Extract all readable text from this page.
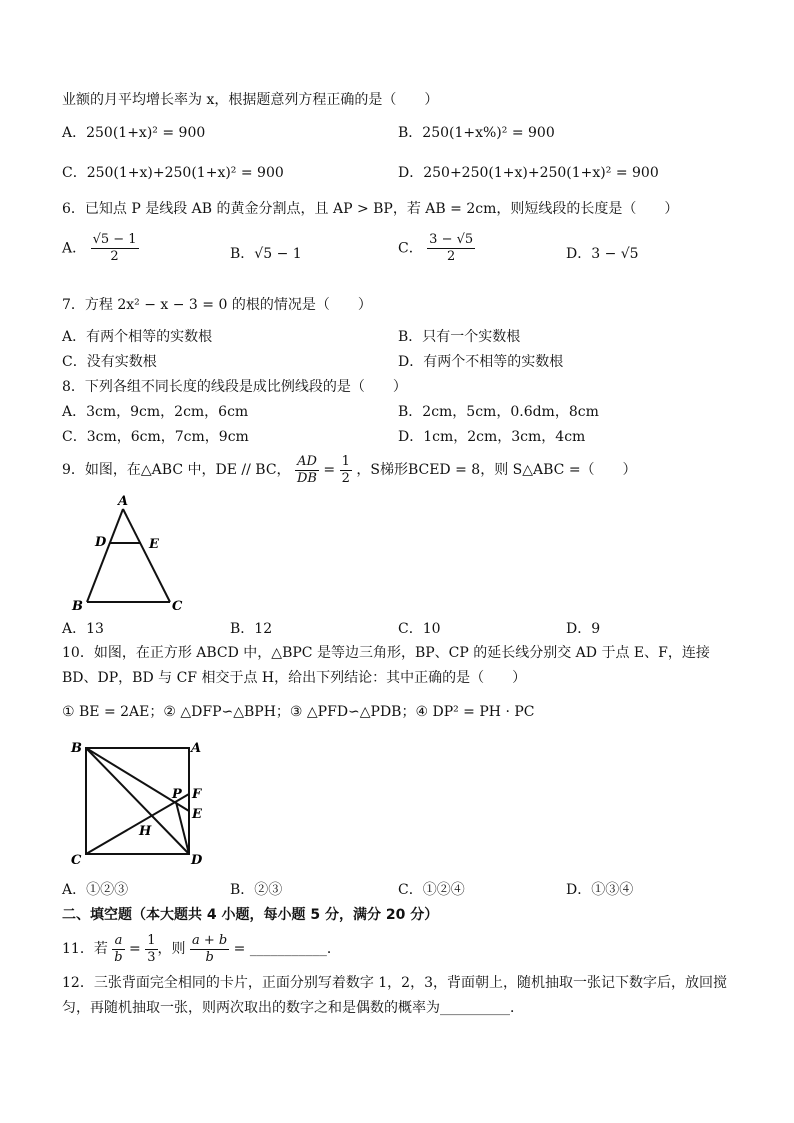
业额的月平均增长率为 x，根据题意列方程正确的是（　　）
A．250(1+x)² = 900	B．250(1+x%)² = 900
C．250(1+x)+250(1+x)² = 900	D．250+250(1+x)+250(1+x)² = 900
6．已知点 P 是线段 AB 的黄金分割点，且 AP > BP，若 AB = 2cm，则短线段的长度是（　　）
A． $\frac{√5 - 1}{2}$	B．√5 − 1	C． $\frac{3 - √5}{2}$	D．3 − √5
7．方程 2x² − x − 3 = 0 的根的情况是（　　）
A．有两个相等的实数根	B．只有一个实数根
C．没有实数根	D．有两个不相等的实数根
8．下列各组不同长度的线段是成比例线段的是（　　）
A．3cm，9cm，2cm，6cm	B．2cm，5cm，0.6dm，8cm
C．3cm，6cm，7cm，9cm	D．1cm，2cm，3cm，4cm
9．如图，在△ABC 中，DE // BC， $\frac{AD}{DB} = \frac{1}{2}$ ，S梯形BCED = 8，则 S△ABC =（　　）
A
D	E
B	C
A．13	B．12	C．10	D．9
10．如图，在正方形 ABCD 中，△BPC 是等边三角形，BP、CP 的延长线分别交 AD 于点 E、F，连接
BD、DP，BD 与 CF 相交于点 H，给出下列结论：其中正确的是（　　）
① BE = 2AE；② △DFP∽△BPH；③ △PFD∽△PDB；④ DP² = PH · PC
B	A
C	D
P F
E
H
A．①②③	B．②③	C．①②④	D．①③④
二、填空题（本大题共 4 小题，每小题 5 分，满分 20 分）
11．若 $\frac{a}{b} = \frac{1}{3}$ ，则 $\frac{a + b}{b}$ = ___________．
12．三张背面完全相同的卡片，正面分别写着数字 1，2，3，背面朝上，随机抽取一张记下数字后，放回搅
匀，再随机抽取一张，则两次取出的数字之和是偶数的概率为__________．
